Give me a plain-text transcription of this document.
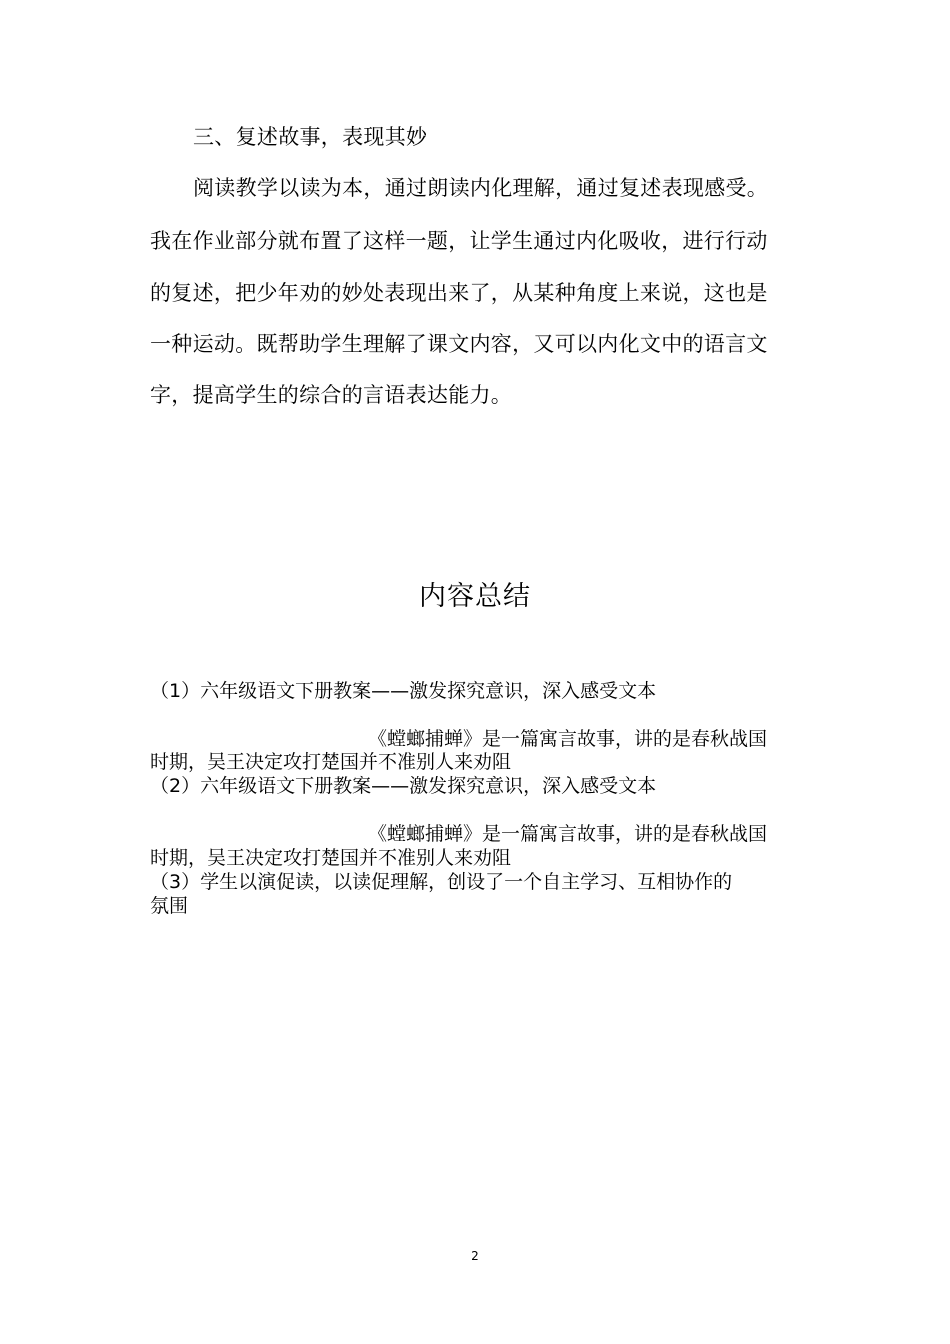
三、复述故事，表现其妙
阅读教学以读为本，通过朗读内化理解，通过复述表现感受。
我在作业部分就布置了这样一题，让学生通过内化吸收，进行行动
的复述，把少年劝的妙处表现出来了，从某种角度上来说，这也是
一种运动。既帮助学生理解了课文内容，又可以内化文中的语言文
字，提高学生的综合的言语表达能力。
内容总结
（1）六年级语文下册教案——激发探究意识，深入感受文本
《螳螂捕蝉》是一篇寓言故事，讲的是春秋战国
时期，吴王决定攻打楚国并不准别人来劝阻
（2）六年级语文下册教案——激发探究意识，深入感受文本
《螳螂捕蝉》是一篇寓言故事，讲的是春秋战国
时期，吴王决定攻打楚国并不准别人来劝阻
（3）学生以演促读，以读促理解，创设了一个自主学习、互相协作的
氛围
2
